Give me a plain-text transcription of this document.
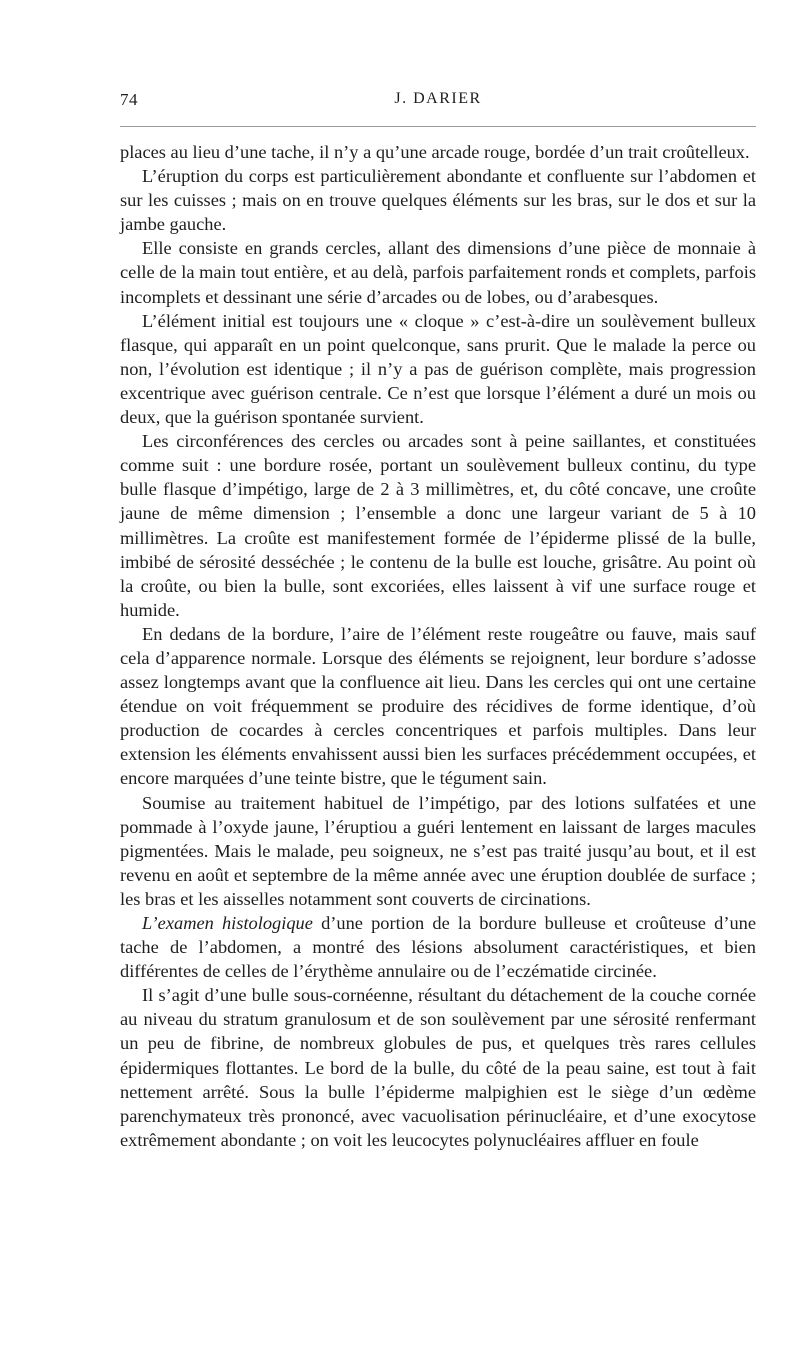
74	J. DARIER

places au lieu d’une tache, il n’y a qu’une arcade rouge, bordée d’un trait croûtelleux.

L’éruption du corps est particulièrement abondante et confluente sur l’abdomen et sur les cuisses ; mais on en trouve quelques éléments sur les bras, sur le dos et sur la jambe gauche.

Elle consiste en grands cercles, allant des dimensions d’une pièce de monnaie à celle de la main tout entière, et au delà, parfois parfaitement ronds et complets, parfois incomplets et dessinant une série d’arcades ou de lobes, ou d’arabesques.

L’élément initial est toujours une « cloque » c’est-à-dire un soulèvement bulleux flasque, qui apparaît en un point quelconque, sans prurit. Que le malade la perce ou non, l’évolution est identique ; il n’y a pas de guérison complète, mais progression excentrique avec guérison centrale. Ce n’est que lorsque l’élément a duré un mois ou deux, que la guérison spontanée survient.

Les circonférences des cercles ou arcades sont à peine saillantes, et constituées comme suit : une bordure rosée, portant un soulèvement bulleux continu, du type bulle flasque d’impétigo, large de 2 à 3 millimètres, et, du côté concave, une croûte jaune de même dimension ; l’ensemble a donc une largeur variant de 5 à 10 millimètres. La croûte est manifestement formée de l’épiderme plissé de la bulle, imbibé de sérosité desséchée ; le contenu de la bulle est louche, grisâtre. Au point où la croûte, ou bien la bulle, sont excoriées, elles laissent à vif une surface rouge et humide.

En dedans de la bordure, l’aire de l’élément reste rougeâtre ou fauve, mais sauf cela d’apparence normale. Lorsque des éléments se rejoignent, leur bordure s’adosse assez longtemps avant que la confluence ait lieu. Dans les cercles qui ont une certaine étendue on voit fréquemment se produire des récidives de forme identique, d’où production de cocardes à cercles concentriques et parfois multiples. Dans leur extension les éléments envahissent aussi bien les surfaces précédemment occupées, et encore marquées d’une teinte bistre, que le tégument sain.

Soumise au traitement habituel de l’impétigo, par des lotions sulfatées et une pommade à l’oxyde jaune, l’éruptiou a guéri lentement en laissant de larges macules pigmentées. Mais le malade, peu soigneux, ne s’est pas traité jusqu’au bout, et il est revenu en août et septembre de la même année avec une éruption doublée de surface ; les bras et les aisselles notamment sont couverts de circinations.

L’examen histologique d’une portion de la bordure bulleuse et croûteuse d’une tache de l’abdomen, a montré des lésions absolument caractéristiques, et bien différentes de celles de l’érythème annulaire ou de l’eczématide circinée.

Il s’agit d’une bulle sous-cornéenne, résultant du détachement de la couche cornée au niveau du stratum granulosum et de son soulèvement par une sérosité renfermant un peu de fibrine, de nombreux globules de pus, et quelques très rares cellules épidermiques flottantes. Le bord de la bulle, du côté de la peau saine, est tout à fait nettement arrêté. Sous la bulle l’épiderme malpighien est le siège d’un œdème parenchymateux très prononcé, avec vacuolisation périnucléaire, et d’une exocytose extrêmement abondante ; on voit les leucocytes polynucléaires affluer en foule
